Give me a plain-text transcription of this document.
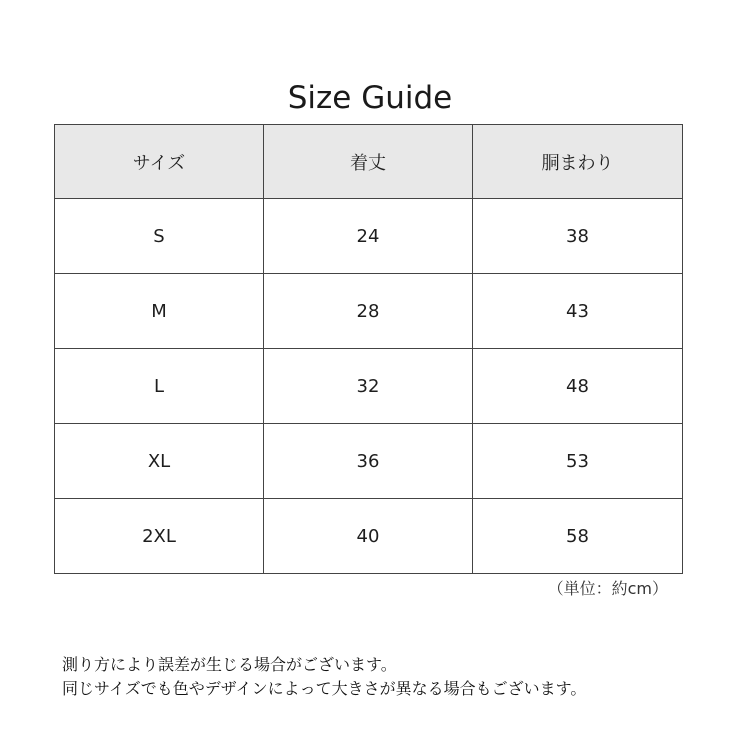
Size Guide
サイズ	着丈	胴まわり
S	24	38
M	28	43
L	32	48
XL	36	53
2XL	40	58
（単位：約cm）
測り方により誤差が生じる場合がございます。
同じサイズでも色やデザインによって大きさが異なる場合もございます。
